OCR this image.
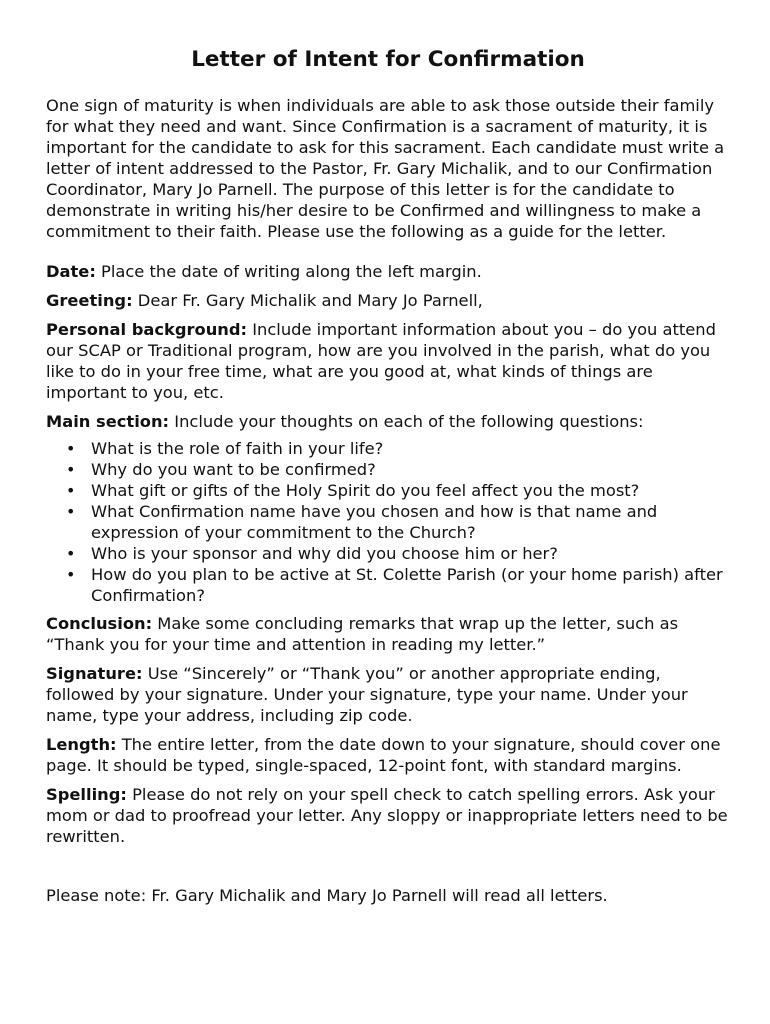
Letter of Intent for Confirmation

One sign of maturity is when individuals are able to ask those outside their family for what they need and want. Since Confirmation is a sacrament of maturity, it is important for the candidate to ask for this sacrament. Each candidate must write a letter of intent addressed to the Pastor, Fr. Gary Michalik, and to our Confirmation Coordinator, Mary Jo Parnell. The purpose of this letter is for the candidate to demonstrate in writing his/her desire to be Confirmed and willingness to make a commitment to their faith. Please use the following as a guide for the letter.

Date: Place the date of writing along the left margin.

Greeting: Dear Fr. Gary Michalik and Mary Jo Parnell,

Personal background: Include important information about you – do you attend our SCAP or Traditional program, how are you involved in the parish, what do you like to do in your free time, what are you good at, what kinds of things are important to you, etc.

Main section: Include your thoughts on each of the following questions:

• What is the role of faith in your life?
• Why do you want to be confirmed?
• What gift or gifts of the Holy Spirit do you feel affect you the most?
• What Confirmation name have you chosen and how is that name and expression of your commitment to the Church?
• Who is your sponsor and why did you choose him or her?
• How do you plan to be active at St. Colette Parish (or your home parish) after Confirmation?

Conclusion: Make some concluding remarks that wrap up the letter, such as “Thank you for your time and attention in reading my letter.”

Signature: Use “Sincerely” or “Thank you” or another appropriate ending, followed by your signature. Under your signature, type your name. Under your name, type your address, including zip code.

Length: The entire letter, from the date down to your signature, should cover one page. It should be typed, single-spaced, 12-point font, with standard margins.

Spelling: Please do not rely on your spell check to catch spelling errors. Ask your mom or dad to proofread your letter. Any sloppy or inappropriate letters need to be rewritten.

Please note: Fr. Gary Michalik and Mary Jo Parnell will read all letters.
